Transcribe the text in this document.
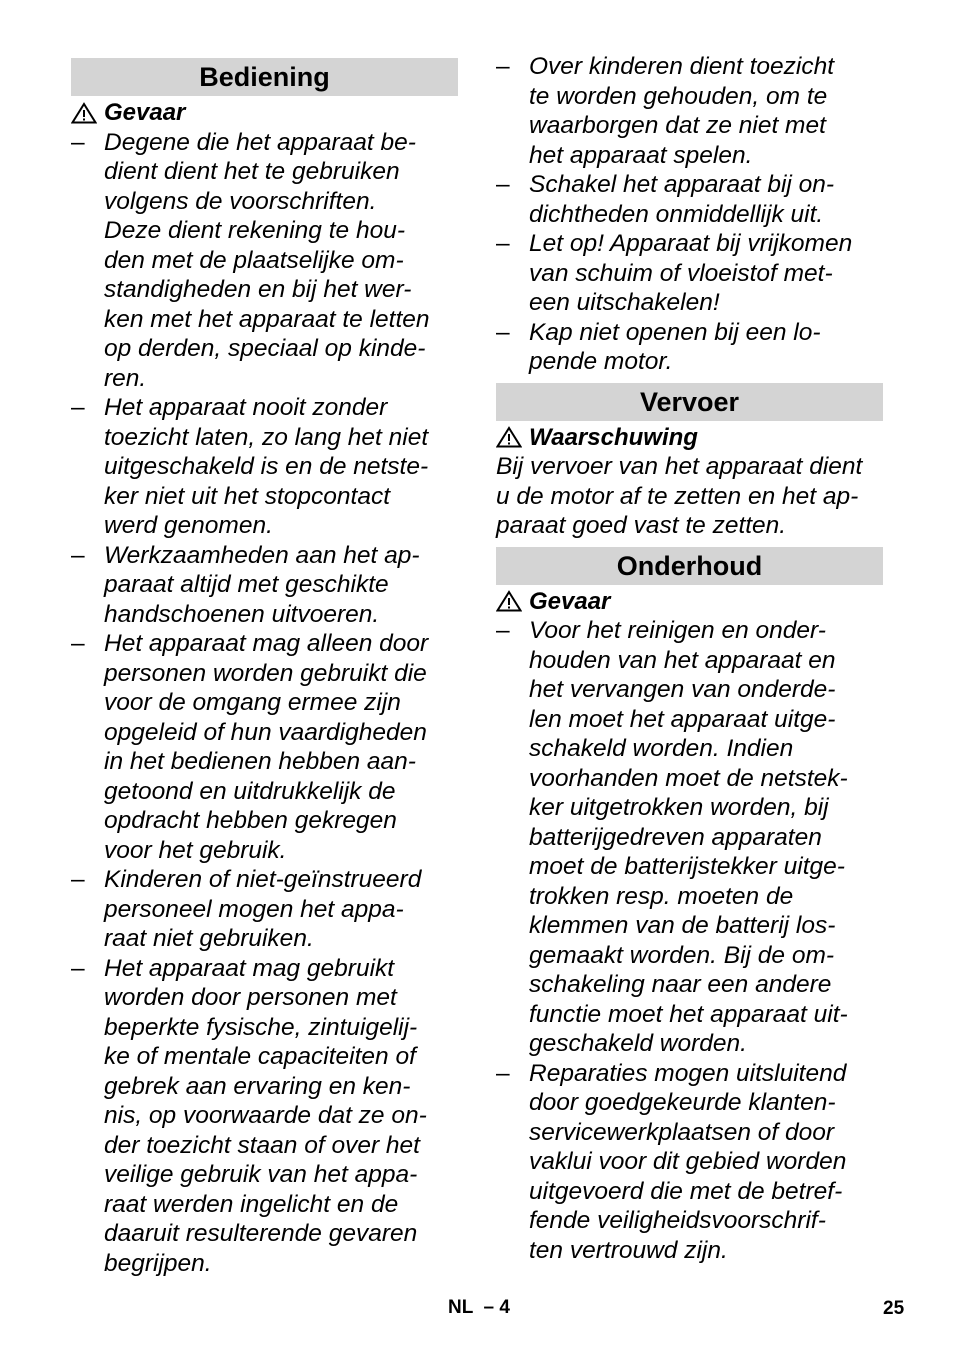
Bediening
Gevaar
– Degene die het apparaat be-
dient dient het te gebruiken
volgens de voorschriften.
Deze dient rekening te hou-
den met de plaatselijke om-
standigheden en bij het wer-
ken met het apparaat te letten
op derden, speciaal op kinde-
ren.
– Het apparaat nooit zonder
toezicht laten, zo lang het niet
uitgeschakeld is en de netste-
ker niet uit het stopcontact
werd genomen.
– Werkzaamheden aan het ap-
paraat altijd met geschikte
handschoenen uitvoeren.
– Het apparaat mag alleen door
personen worden gebruikt die
voor de omgang ermee zijn
opgeleid of hun vaardigheden
in het bedienen hebben aan-
getoond en uitdrukkelijk de
opdracht hebben gekregen
voor het gebruik.
– Kinderen of niet-geïnstrueerd
personeel mogen het appa-
raat niet gebruiken.
– Het apparaat mag gebruikt
worden door personen met
beperkte fysische, zintuigelij-
ke of mentale capaciteiten of
gebrek aan ervaring en ken-
nis, op voorwaarde dat ze on-
der toezicht staan of over het
veilige gebruik van het appa-
raat werden ingelicht en de
daaruit resulterende gevaren
begrijpen.
– Over kinderen dient toezicht
te worden gehouden, om te
waarborgen dat ze niet met
het apparaat spelen.
– Schakel het apparaat bij on-
dichtheden onmiddellijk uit.
– Let op! Apparaat bij vrijkomen
van schuim of vloeistof met-
een uitschakelen!
– Kap niet openen bij een lo-
pende motor.
Vervoer
Waarschuwing
Bij vervoer van het apparaat dient
u de motor af te zetten en het ap-
paraat goed vast te zetten.
Onderhoud
Gevaar
– Voor het reinigen en onder-
houden van het apparaat en
het vervangen van onderde-
len moet het apparaat uitge-
schakeld worden. Indien
voorhanden moet de netstek-
ker uitgetrokken worden, bij
batterijgedreven apparaten
moet de batterijstekker uitge-
trokken resp. moeten de
klemmen van de batterij los-
gemaakt worden. Bij de om-
schakeling naar een andere
functie moet het apparaat uit-
geschakeld worden.
– Reparaties mogen uitsluitend
door goedgekeurde klanten-
servicewerkplaatsen of door
vaklui voor dit gebied worden
uitgevoerd die met de betref-
fende veiligheidsvoorschrif-
ten vertrouwd zijn.
NL  – 4	25
